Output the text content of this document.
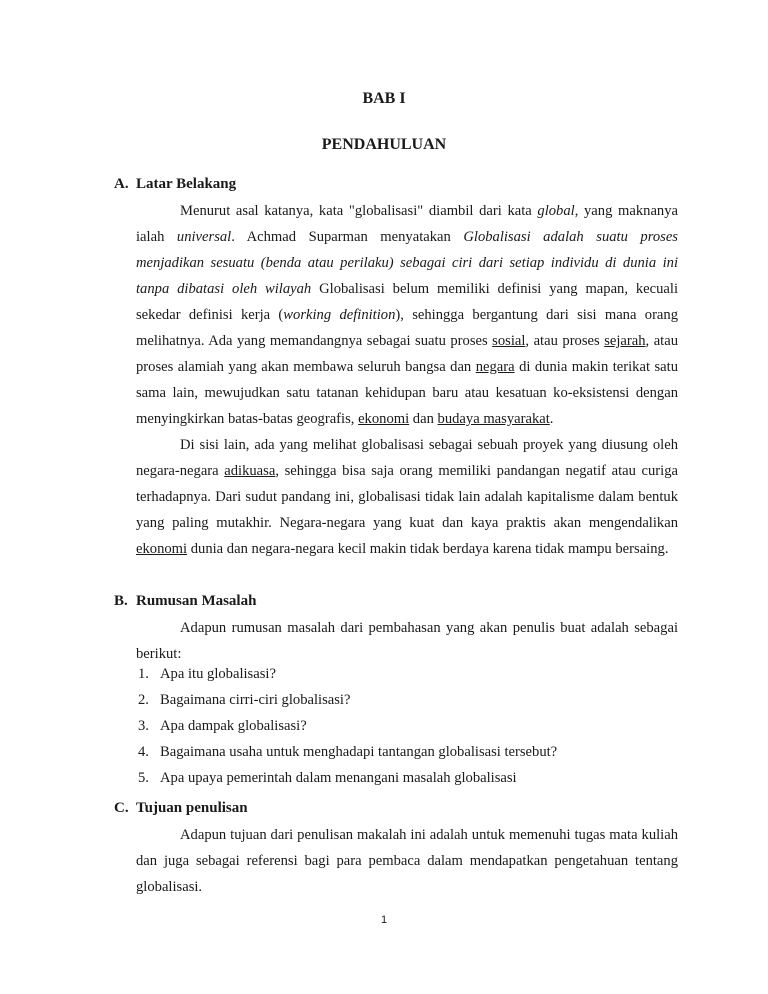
BAB I
PENDAHULUAN
A. Latar Belakang
Menurut asal katanya, kata "globalisasi" diambil dari kata global, yang maknanya ialah universal. Achmad Suparman menyatakan Globalisasi adalah suatu proses menjadikan sesuatu (benda atau perilaku) sebagai ciri dari setiap individu di dunia ini tanpa dibatasi oleh wilayah Globalisasi belum memiliki definisi yang mapan, kecuali sekedar definisi kerja (working definition), sehingga bergantung dari sisi mana orang melihatnya. Ada yang memandangnya sebagai suatu proses sosial, atau proses sejarah, atau proses alamiah yang akan membawa seluruh bangsa dan negara di dunia makin terikat satu sama lain, mewujudkan satu tatanan kehidupan baru atau kesatuan ko-eksistensi dengan menyingkirkan batas-batas geografis, ekonomi dan budaya masyarakat.
Di sisi lain, ada yang melihat globalisasi sebagai sebuah proyek yang diusung oleh negara-negara adikuasa, sehingga bisa saja orang memiliki pandangan negatif atau curiga terhadapnya. Dari sudut pandang ini, globalisasi tidak lain adalah kapitalisme dalam bentuk yang paling mutakhir. Negara-negara yang kuat dan kaya praktis akan mengendalikan ekonomi dunia dan negara-negara kecil makin tidak berdaya karena tidak mampu bersaing.
B. Rumusan Masalah
Adapun rumusan masalah dari pembahasan yang akan penulis buat adalah sebagai berikut:
1. Apa itu globalisasi?
2. Bagaimana cirri-ciri globalisasi?
3. Apa dampak globalisasi?
4. Bagaimana usaha untuk menghadapi tantangan globalisasi tersebut?
5. Apa upaya pemerintah dalam menangani masalah globalisasi
C. Tujuan penulisan
Adapun tujuan dari penulisan makalah ini adalah untuk memenuhi tugas mata kuliah dan juga sebagai referensi bagi para pembaca dalam mendapatkan pengetahuan tentang globalisasi.
1
